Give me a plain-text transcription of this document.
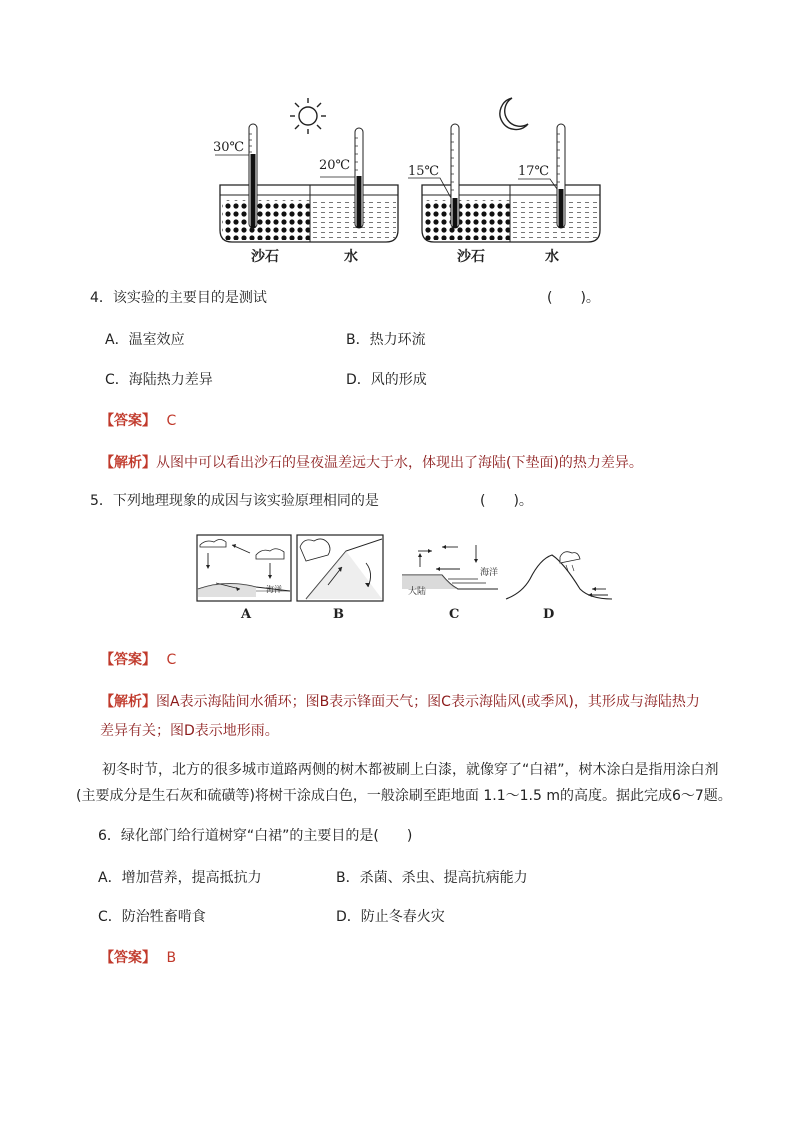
30℃
20℃	15℃	17℃
沙石	水	沙石	水
4．该实验的主要目的是测试	(　　)。
A．温室效应	B．热力环流
C．海陆热力差异	D．风的形成
【答案】 C
【解析】从图中可以看出沙石的昼夜温差远大于水，体现出了海陆(下垫面)的热力差异。
5．下列地理现象的成因与该实验原理相同的是	(　　)。
海洋
海洋
大陆
A	B	C	D
【答案】 C
【解析】图A表示海陆间水循环；图B表示锋面天气；图C表示海陆风(或季风)，其形成与海陆热力
差异有关；图D表示地形雨。
初冬时节，北方的很多城市道路两侧的树木都被刷上白漆，就像穿了“白裙”，树木涂白是指用涂白剂
(主要成分是生石灰和硫磺等)将树干涂成白色，一般涂刷至距地面 1.1～1.5 m的高度。据此完成6～7题。
6．绿化部门给行道树穿“白裙”的主要目的是(　　)
A．增加营养，提高抵抗力	B．杀菌、杀虫、提高抗病能力
C．防治牲畜啃食	D．防止冬春火灾
【答案】 B
